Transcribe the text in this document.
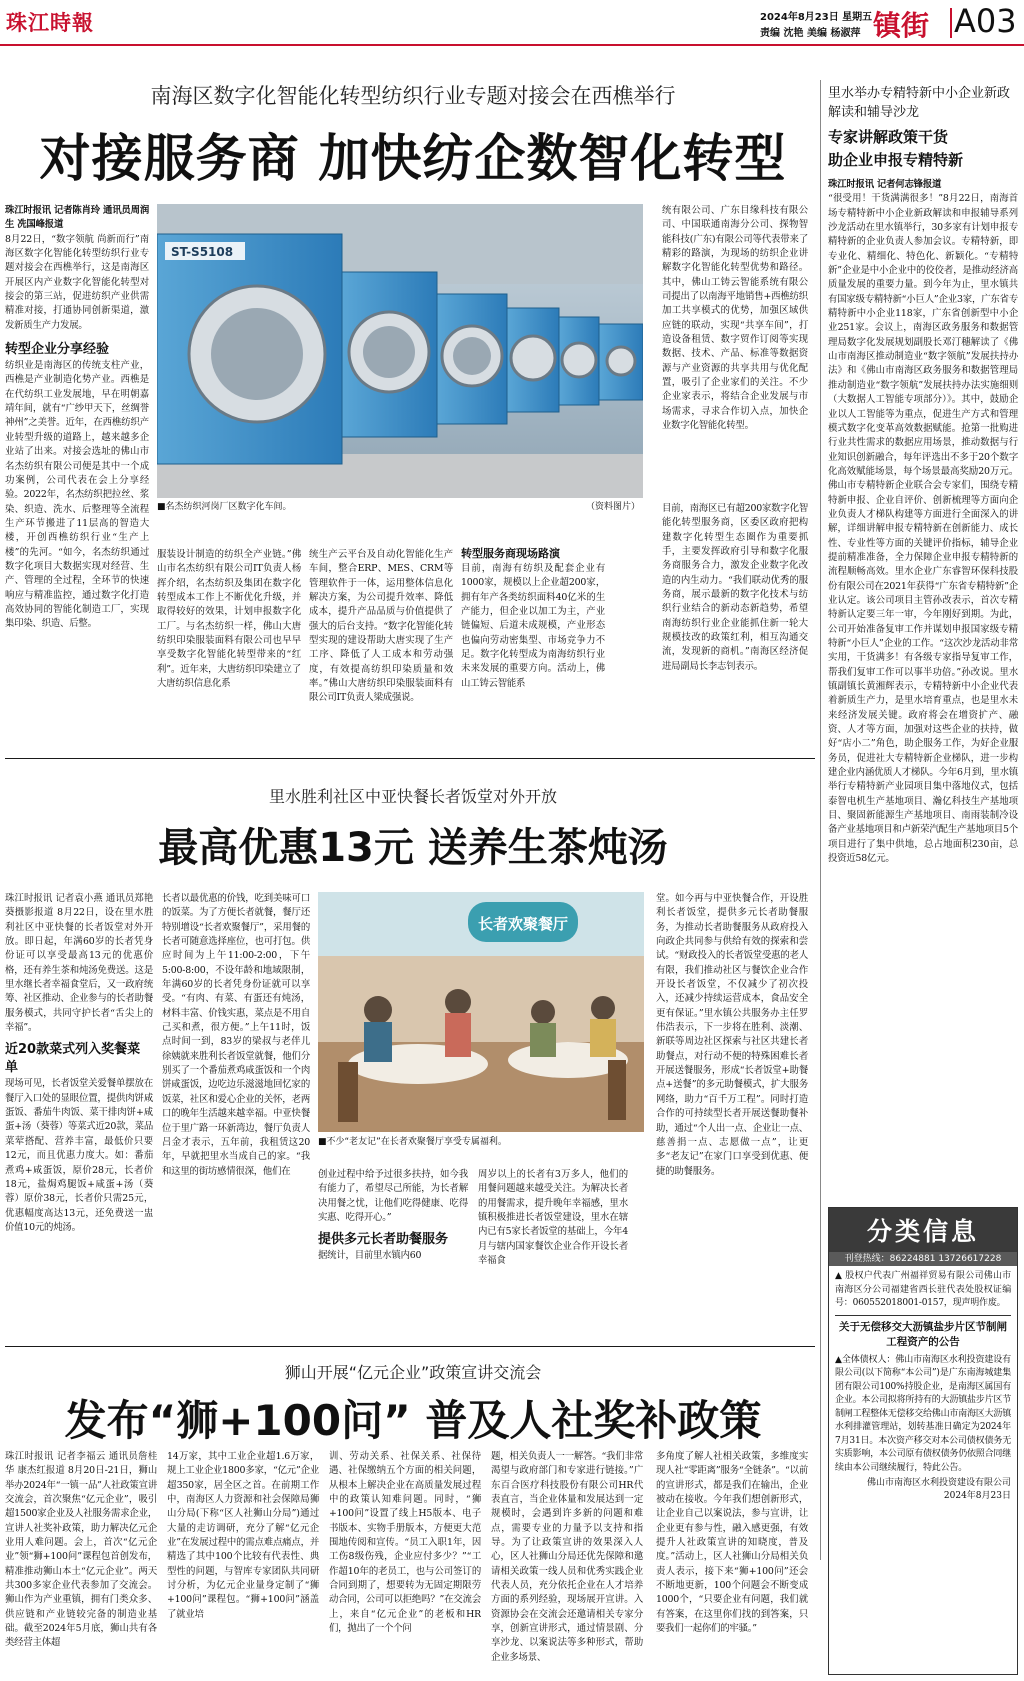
珠江時報	2024年8月23日 星期五
责编 沈艳 美编 杨淑萍 镇街 A03
南海区数字化智能化转型纺织行业专题对接会在西樵举行
对接服务商 加快纺企数智化转型

珠江时报讯 记者陈肖玲 通讯员周润生 冼国峰报道

8月22日，“数字领航 尚新而行”南海区数字化智能化转型纺织行业专题对接会在西樵举行，这是南海区开展区内产业数字化智能化转型对接会的第三站，促进纺织产业供需精准对接，打通协同创新渠道，激发新质生产力发展。

转型企业分享经验

纺织业是南海区的传统支柱产业，西樵是产业制造化势产业。西樵是在代纺织工业发展地，早在明朝嘉靖年间，就有“广纱甲天下，丝绸誉神州”之美誉。近年，在西樵纺织产业转型升级的道路上，越来越多企业站了出来。对接会选址的佛山市名杰纺织有限公司便是其中一个成功案例，公司代表在会上分享经验。2022年，名杰纺织把拉丝、浆染、织造、洗水、后整理等全流程生产环节搬进了11层高的智造大楼，开创西樵纺织行业“生产上楼”的先河。“如今，名杰纺织通过数字化项目大数据实现对经营、生产、管理的全过程，全环节的快速响应与精准监控，通过数字化打造高效协同的智能化制造工厂，实现集印染、织造、后整。

ST-S5108
■名杰纺织河岗厂区数字化车间。	（资料图片）

服装设计制造的纺织全产业链。”佛山市名杰纺织有限公司IT负责人杨挥介绍，名杰纺织及集团在数字化转型成本工作上不断优化升级，并取得较好的效果，计划申报数字化工厂。与名杰纺织一样，佛山大唐纺织印染服装面料有限公司也早早享受数字化智能化转型带来的“红利”。近年来，大唐纺织印染建立了大唐纺织信息化系

统生产云平台及自动化智能化生产车间，整合ERP、MES、CRM等管理软件于一体，运用整体信息化解决方案，为公司提升效率、降低成本，提升产品品质与价值提供了强大的后台支持。“数字化智能化转型实现的建设帮助大唐实现了生产工序、降低了人工成本和劳动强度，有效提高纺织印染质量和效率。”佛山大唐纺织印染服装面料有限公司IT负责人梁成强说。

转型服务商现场路演

目前，南海有纺织及配套企业有1000家，规模以上企业超200家，拥有年产各类纺织面料40亿米的生产能力，但企业以加工为主，产业链偏短、后道未成规模，产业形态也偏向劳动密集型、市场竞争力不足。数字化转型成为南海纺织行业未来发展的重要方向。活动上，佛山工铸云智能系

统有限公司、广东目缘科技有限公司、中国联通南海分公司、探物智能科技(广东)有限公司等代表带来了精彩的路演，为现场的纺织企业讲解数字化智能化转型优势和路径。其中，佛山工铸云智能系统有限公司提出了以南海平地销售+西樵纺织加工共享模式的优势，加强区域供应链的联动，实现“共享车间”，打造设备租赁、数字贸作订阅等实现数据、技术、产品、标准等数据资源与产业资源的共享共用与优化配置，吸引了企业家们的关注。不少企业家表示，将结合企业发展与市场需求，寻求合作切入点，加快企业数字化智能化转型。

目前，南海区已有超200家数字化智能化转型服务商，区委区政府把构建数字化转型生态圈作为重要抓手，主要发挥政府引导和数字化服务商服务合力，激发企业数字化改造的内生动力。“我们联动优秀的服务商，展示最新的数字化技术与纺织行业结合的新动态新趋势，希望南海纺织行业企业能抓住新一轮大规模技改的政策红利，相互沟通交流，发现新的商机。”南海区经济促进局副局长李志钊表示。

里水举办专精特新中小企业新政解读和辅导沙龙
专家讲解政策干货
助企业申报专精特新

珠江时报讯 记者何志锋报道

“很受用！干货满满很多！”8月22日，南海首场专精特新中小企业新政解读和申报辅导系列沙龙活动在里水镇举行，30多家有计划申报专精特新的企业负责人参加会议。专精特新，即专业化、精细化、特色化、新颖化。“专精特新”企业是中小企业中的佼佼者，是推动经济高质量发展的重要力量。到今年为止，里水镇共有国家级专精特新“小巨人”企业3家，广东省专精特新中小企业118家，广东省创新型中小企业251家。会议上，南海区政务服务和数据管理局数字化发展规划副股长邓汀穗解读了《佛山市南海区推动制造业“数字领航”发展扶持办法》和《佛山市南海区政务服务和数据管理局推动制造业“数字领航”发展扶持办法实施细则（大数据人工智能专项部分）》。其中，鼓励企业以人工智能等为重点，促进生产方式和管理模式数字化变革高效数据赋能。抢第一批购进行业共性需求的数据应用场景，推动数据与行业知识创新融合，每年评选出不多于20个数字化高效赋能场景，每个场景最高奖励20万元。佛山市专精特新企业联合会专家们，围绕专精特新申报、企业自评价、创新梳理等方面向企业负责人才梯队构建等方面进行全面深入的讲解，详细讲解申报专精特新在创新能力、成长性、专业性等方面的关键评价指标，辅导企业提前精准准备，全力保障企业申报专精特新的流程顺畅高效。里水企业广东睿智环保科技股份有限公司在2021年获得“广东省专精特新”企业认定。该公司项目主管孙改表示，首次专精特新认定要三年一审，今年刚好到期。为此，公司开始准备复审工作并谋划申报国家级专精特新“小巨人”企业的工作。“这次沙龙活动非常实用，干货满多！有各级专家指导复审工作，帮我们复审工作可以事半功倍。”孙改说。里水镇副镇长黄湘辉表示，专精特新中小企业代表着新质生产力，是里水培育重点，也是里水未来经济发展关键。政府将会在增资扩产、融资、人才等方面，加强对这些企业的扶持，做好“店小二”角色，助企服务工作，为好企业服务员，促进社大专精特新企业梯队，进一步构建企业内涵优质人才梯队。今年6月到，里水镇举行专精特新产业园项目集中落地仪式，包括泰智电机生产基地项目、瀚亿科技生产基地项目、聚固新能源生产基地项目、南雨装制冷设备产业基地项目和卢新荣汽配生产基地项目5个项目进行了集中供地，总占地面积230亩，总投资近58亿元。

里水胜利社区中亚快餐长者饭堂对外开放
最高优惠13元 送养生茶炖汤

珠江时报讯 记者袁小燕 通讯员郑艳葵摄影报道 8月22日，设在里水胜利社区中亚快餐的长者饭堂对外开放。即日起，年满60岁的长者凭身份证可以享受最高13元的优惠价格，还有养生茶和炖汤免费送。这是里水继长者幸福食堂后，又一政府统筹、社区推动、企业参与的长者助餐服务模式，共同守护长者“舌尖上的幸福”。

近20款菜式列入奖餐菜单

现场可见，长者饭堂关爱餐单摆放在餐厅入口处的显眼位置，提供肉饼咸蛋饭、番茄牛肉饭、菜干排肉饼+咸蛋+汤（葵蓉）等菜式近20款，菜品菜荤搭配、营养丰富，最低价只要12元，而且优惠力度大。如：番茄煮鸡+咸蛋饭，原价28元，长者价18元，盐焗鸡腿饭+咸蛋+汤（葵蓉）原价38元，长者价只需25元，优惠幅度高达13元，还免费送一盅价值10元的炖汤。

长者以最优惠的价钱，吃到美味可口的饭菜。为了方便长者就餐，餐厅还特别增设“长者欢聚餐厅”，采用餐的长者可随意选择座位，也可打包。供应时间为上午11:00-2:00，下午5:00-8:00，不设年龄和地域限制，年满60岁的长者凭身份证就可以享受。“有肉、有菜、有蛋还有炖汤，材料丰富、价钱实惠，菜点是不用自己买和煮，很方便。”上午11时，饭点时间一到，83岁的梁叔与老伴儿徐姨就来胜利长者饭堂就餐，他们分别买了一个番茄煮鸡咸蛋饭和一个肉饼咸蛋饭，边吃边乐滋滋地回忆家的饭菜，社区和爱心企业的关怀，老两口的晚年生活越来越幸福。中亚快餐位于里广路一环新湾边，餐厅负责人吕金才表示，五年前，我租赁这20年，早就把里水当成自己的家。“我和这里的街坊感情很深，他们在

长者欢聚餐厅
■不少“老友记”在长者欢聚餐厅享受专属福利。

创业过程中给予过很多扶持，如今我有能力了，希望尽己所能，为长者解决用餐之忧，让他们吃得健康、吃得实惠、吃得开心。”

提供多元长者助餐服务

据统计，目前里水镇内60

周岁以上的长者有3万多人，他们的用餐问题越来越受关注。为解决长者的用餐需求，提升晚年幸福感，里水镇积极推进长者饭堂建设，里水在辖内已有5家长者饭堂的基础上，今年4月与辖内国家餐饮企业合作开设长者幸福食

堂。如今再与中亚快餐合作，开设胜利长者饭堂，提供多元长者助餐服务，为推动长者助餐服务从政府投入向政企共同参与供给有效的探索和尝试。“财政投入的长者饭堂受惠的老人有限，我们推动社区与餐饮企业合作开设长者饭堂，不仅减少了初次投入，还减少持续运营成本，食品安全更有保证。”里水镇公共服务办主任罗伟浩表示，下一步将在胜利、淡潮、新联等周边社区探索与社区共建长者助餐点，对行动不便的特殊困难长者开展送餐服务，形成“长者饭堂+助餐点+送餐”的多元助餐模式，扩大服务网络，助力“百千万工程”。同时打造合作的可持续型长者开展送餐助餐补助，通过“个人出一点、企业让一点、慈善捐一点、志愿做一点”，让更多“老友记”在家门口享受到优惠、便捷的助餐服务。

分类信息
刊登热线：86224881 13726617228

▲ 股权户代表广州福祥贸易有限公司佛山市南海区分公司福建省西长驻代表处股权证编号：060552018001-0157，现声明作废。

关于无偿移交大沥镇盐步片区节制闸工程资产的公告

▲全体债权人：佛山市南海区水利投资建设有限公司(以下简称“本公司”)是广东南海城建集团有限公司100%持股企业，是南海区属国有企业。本公司拟将所持有的大沥镇盐步片区节制闸工程整体无偿移交给佛山市南海区大沥镇水利排灌管理站，划转基准日确定为2024年7月31日。本次资产移交对本公司债权债务无实质影响，本公司原有债权债务仍依照合同继续由本公司继续履行，特此公告。

佛山市南海区水利投资建设有限公司
2024年8月23日
狮山开展“亿元企业”政策宣讲交流会
发布“狮+100问” 普及人社奖补政策

珠江时报讯 记者李福云 通讯员詹桂华 康杰红报道 8月20日-21日，狮山举办2024年“一镇一品”人社政策宣讲交流会，首次聚焦“亿元企业”，吸引超1500家企业及人社服务需求企业，宣讲人社奖补政策，助力解决亿元企业用人难问题。会上，首次“亿元企业”领“狮+100问”课程包首创发布，精准推动狮山本土“亿元企业”。两天共300多家企业代表参加了交流会。狮山作为产业重镇，拥有门类众多、供应链和产业链较完备的制造业基础。截至2024年5月底，狮山共有各类经营主体超

14万家，其中工业企业超1.6万家，规上工业企业1800多家，“亿元”企业超350家，居全区之首。在前期工作中，南海区人力资源和社会保障局狮山分局(下称“区人社狮山分局”)通过大量的走访调研，充分了解“亿元企业”在发展过程中的需点难点痛点，并精选了其中100个比较有代表性、典型性的问题，与智库专家团队共同研讨分析，为亿元企业量身定制了“狮+100问”课程包。“狮+100问”涵盖了就业培

训、劳动关系、社保关系、社保待遇、社保缴纳五个方面的相关问题，从根本上解决企业在高质量发展过程中的政策认知难问题。同时，“狮+100问”设置了线上H5版本、电子书版本、实物手册版本，方便更大范围地传阅和宣传。“员工入职1年，因工伤8级伤残，企业应付多少？”“工作超10年的老员工，也与公司签订的合同到期了，想要转为无固定期限劳动合同，公司可以拒绝吗？”在交流会上，来自“亿元企业”的老板和HR们，抛出了一个个问

题，相关负责人一一解答。“我们非常渴望与政府部门和专家进行链接。”广东百合医疗科技股份有限公司HR代表直言，当企业体量和发展达到一定规模时，会遇到许多新的问题和难点，需要专业的力量予以支持和指导。为了让政策宣讲的效果深入人心，区人社狮山分局还优先保障和邀请相关政策一线人员和优秀实践企业代表人员，充分依托企业在人才培养方面的系列经验，现场展开宣讲。入资源协会在交流会还邀请相关专家分享，创新宣讲形式，通过情景剧、分享沙龙、以案说法等多种形式，帮助企业多场景、

多角度了解人社相关政策，多维度实现人社“零距离”服务“全链条”。“以前的宣讲形式，都是我们在输出，企业被动在接收。今年我们想创新形式，让企业自己以案说法，参与宣讲，让企业更有参与性，融入感更强，有效提升人社政策宣讲的知晓度，普及度。”活动上，区人社狮山分局相关负责人表示，接下来“狮+100问”还会不断地更新，100个问题会不断变成1000个，“只要企业有问题，我们就有答案，在这里你们找的到答案，只要我们一起你们的牢骚。”
